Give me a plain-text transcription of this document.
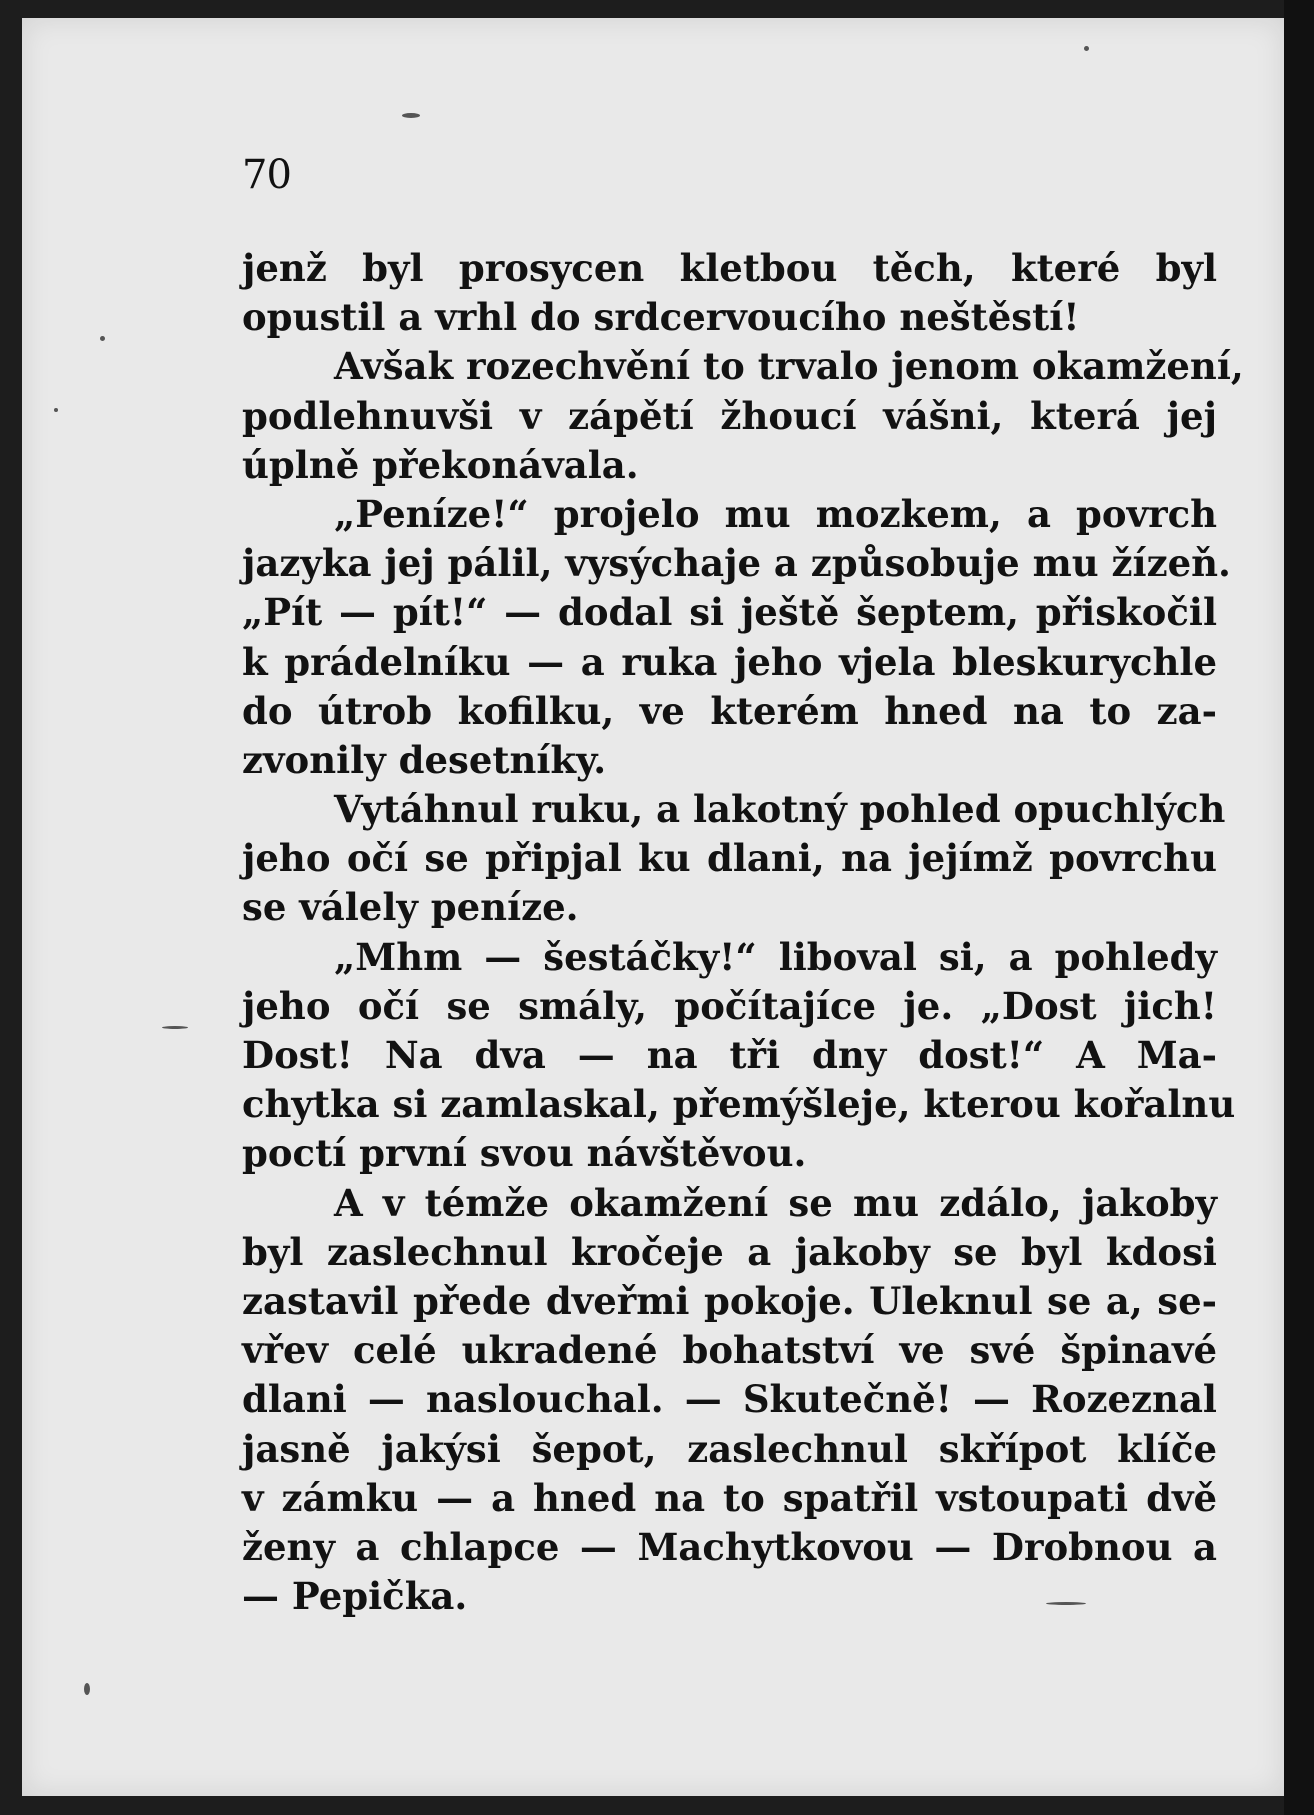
70
jenž byl prosycen kletbou těch, které byl
opustil a vrhl do srdcervoucího neštěstí!
Avšak rozechvění to trvalo jenom okamžení,
podlehnuvši v zápětí žhoucí vášni, která jej
úplně překonávala.
„Peníze!“ projelo mu mozkem, a povrch
jazyka jej pálil, vysýchaje a způsobuje mu žízeň.
„Pít — pít!“ — dodal si ještě šeptem, přiskočil
k prádelníku — a ruka jeho vjela bleskurychle
do útrob kofilku, ve kterém hned na to za-
zvonily desetníky.
Vytáhnul ruku, a lakotný pohled opuchlých
jeho očí se připjal ku dlani, na jejímž povrchu
se válely peníze.
„Mhm — šestáčky!“ liboval si, a pohledy
jeho očí se smály, počítajíce je. „Dost jich!
Dost! Na dva — na tři dny dost!“ A Ma-
chytka si zamlaskal, přemýšleje, kterou kořalnu
poctí první svou návštěvou.
A v témže okamžení se mu zdálo, jakoby
byl zaslechnul kročeje a jakoby se byl kdosi
zastavil přede dveřmi pokoje. Uleknul se a, se-
vřev celé ukradené bohatství ve své špinavé
dlani — naslouchal. — Skutečně! — Rozeznal
jasně jakýsi šepot, zaslechnul skřípot klíče
v zámku — a hned na to spatřil vstoupati dvě
ženy a chlapce — Machytkovou — Drobnou a
— Pepička.
